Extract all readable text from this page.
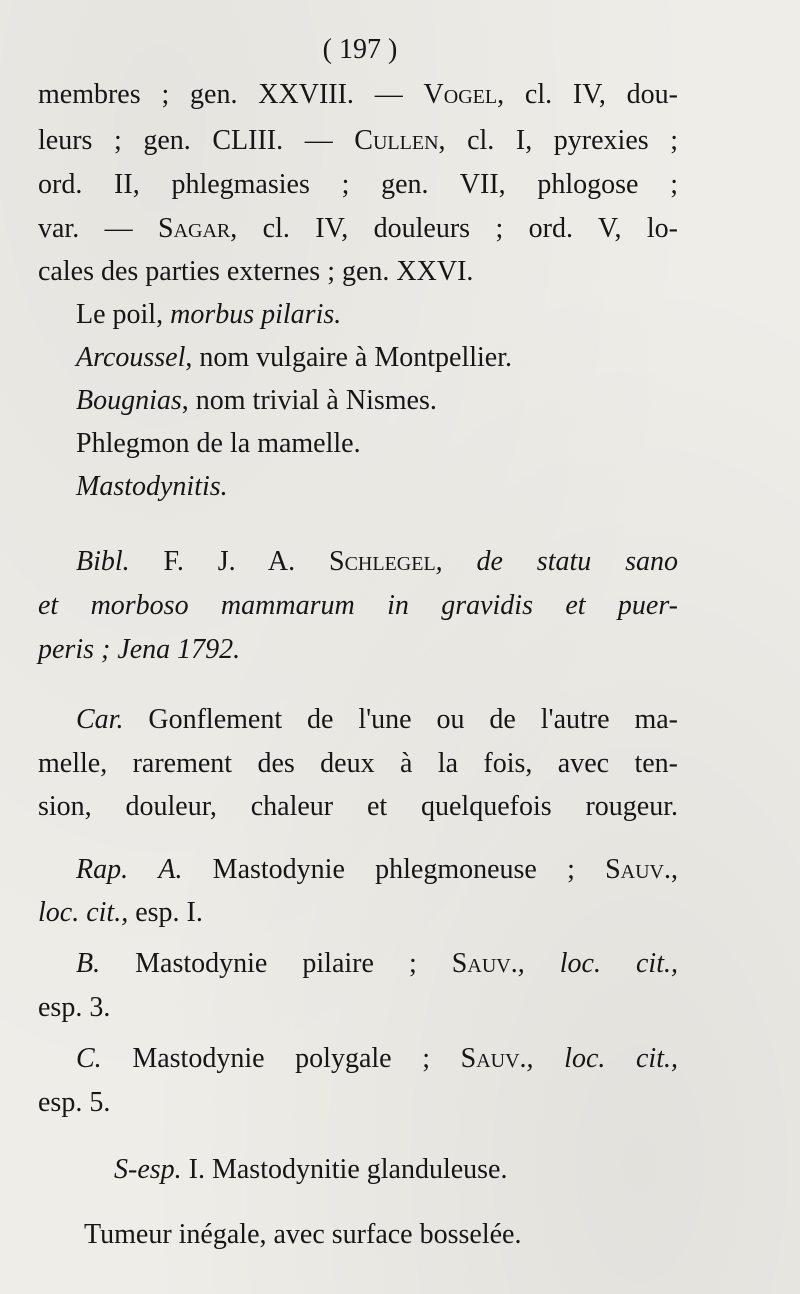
( 197 )
membres ; gen. XXVIII. — Vogel, cl. IV, dou-
leurs ; gen. CLIII. — Cullen, cl. I, pyrexies ;
ord. II, phlegmasies ; gen. VII, phlogose ;
var. — Sagar, cl. IV, douleurs ; ord. V, lo-
cales des parties externes ; gen. XXVI.
Le poil, morbus pilaris.
Arcoussel, nom vulgaire à Montpellier.
Bougnias, nom trivial à Nismes.
Phlegmon de la mamelle.
Mastodynitis.
Bibl. F. J. A. Schlegel, de statu sano
et morboso mammarum in gravidis et puer-
peris ; Jena 1792.
Car. Gonflement de l'une ou de l'autre ma-
melle, rarement des deux à la fois, avec ten-
sion, douleur, chaleur et quelquefois rougeur.
Rap. A. Mastodynie phlegmoneuse ; Sauv.,
loc. cit., esp. I.
B. Mastodynie pilaire ; Sauv., loc. cit.,
esp. 3.
C. Mastodynie polygale ; Sauv., loc. cit.,
esp. 5.
S-esp. I. Mastodynitie glanduleuse.
Tumeur inégale, avec surface bosselée.
